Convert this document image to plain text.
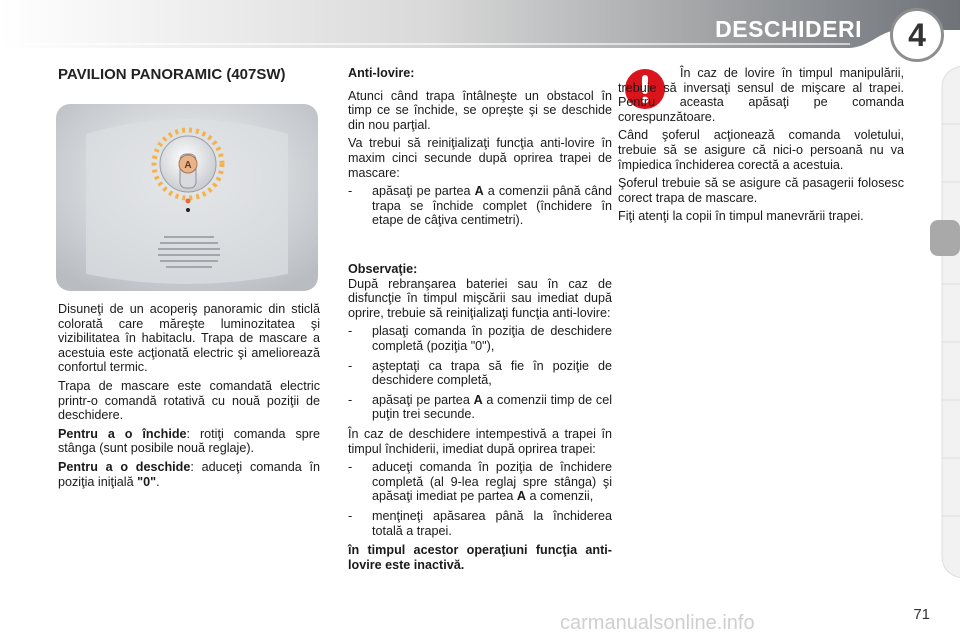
DESCHIDERI	4
PAVILION PANORAMIC (407SW)
A

Disuneţi de un acoperiş panoramic din sticlă colorată care măreşte luminozitatea şi vizibilitatea în habitaclu. Trapa de mascare a acestuia este acţionată electric şi ameliorează confortul termic.

Trapa de mascare este comandată electric printr-o comandă rotativă cu nouă poziţii de deschidere.

Pentru a o închide: rotiţi comanda spre stânga (sunt posibile nouă reglaje).

Pentru a o deschide: aduceţi comanda în poziţia iniţială "0".

Anti-lovire:

Atunci când trapa întâlneşte un obstacol în timp ce se închide, se opreşte şi se deschide din nou parţial.

Va trebui să reiniţializaţi funcţia anti-lovire în maxim cinci secunde după oprirea trapei de mascare:

- apăsaţi pe partea A a comenzii până când trapa se închide complet (închidere în etape de câţiva centimetri).

Observaţie:

După rebranşarea bateriei sau în caz de disfuncţie în timpul mişcării sau imediat după oprire, trebuie să reiniţializaţi funcţia anti-lovire:

- plasaţi comanda în poziţia de deschidere completă (poziţia "0"),
- aşteptaţi ca trapa să fie în poziţie de deschidere completă,
- apăsaţi pe partea A a comenzii timp de cel puţin trei secunde.

În caz de deschidere intempestivă a trapei în timpul închiderii, imediat după oprirea trapei:

- aduceţi comanda în poziţia de închidere completă (al 9-lea reglaj spre stânga) şi apăsaţi imediat pe partea A a comenzii,
- menţineţi apăsarea până la închiderea totală a trapei.

în timpul acestor operaţiuni funcţia anti-lovire este inactivă.

În caz de lovire în timpul manipulării, trebuie să inversaţi sensul de mişcare al trapei. Pentru aceasta apăsaţi pe comanda corespunzătoare.

Când şoferul acţionează comanda voletului, trebuie să se asigure că nici-o persoană nu va împiedica închiderea corectă a acestuia.

Şoferul trebuie să se asigure că pasagerii folosesc corect trapa de mascare.

Fiţi atenţi la copii în timpul manevrării trapei.

71
carmanualsonline.info
